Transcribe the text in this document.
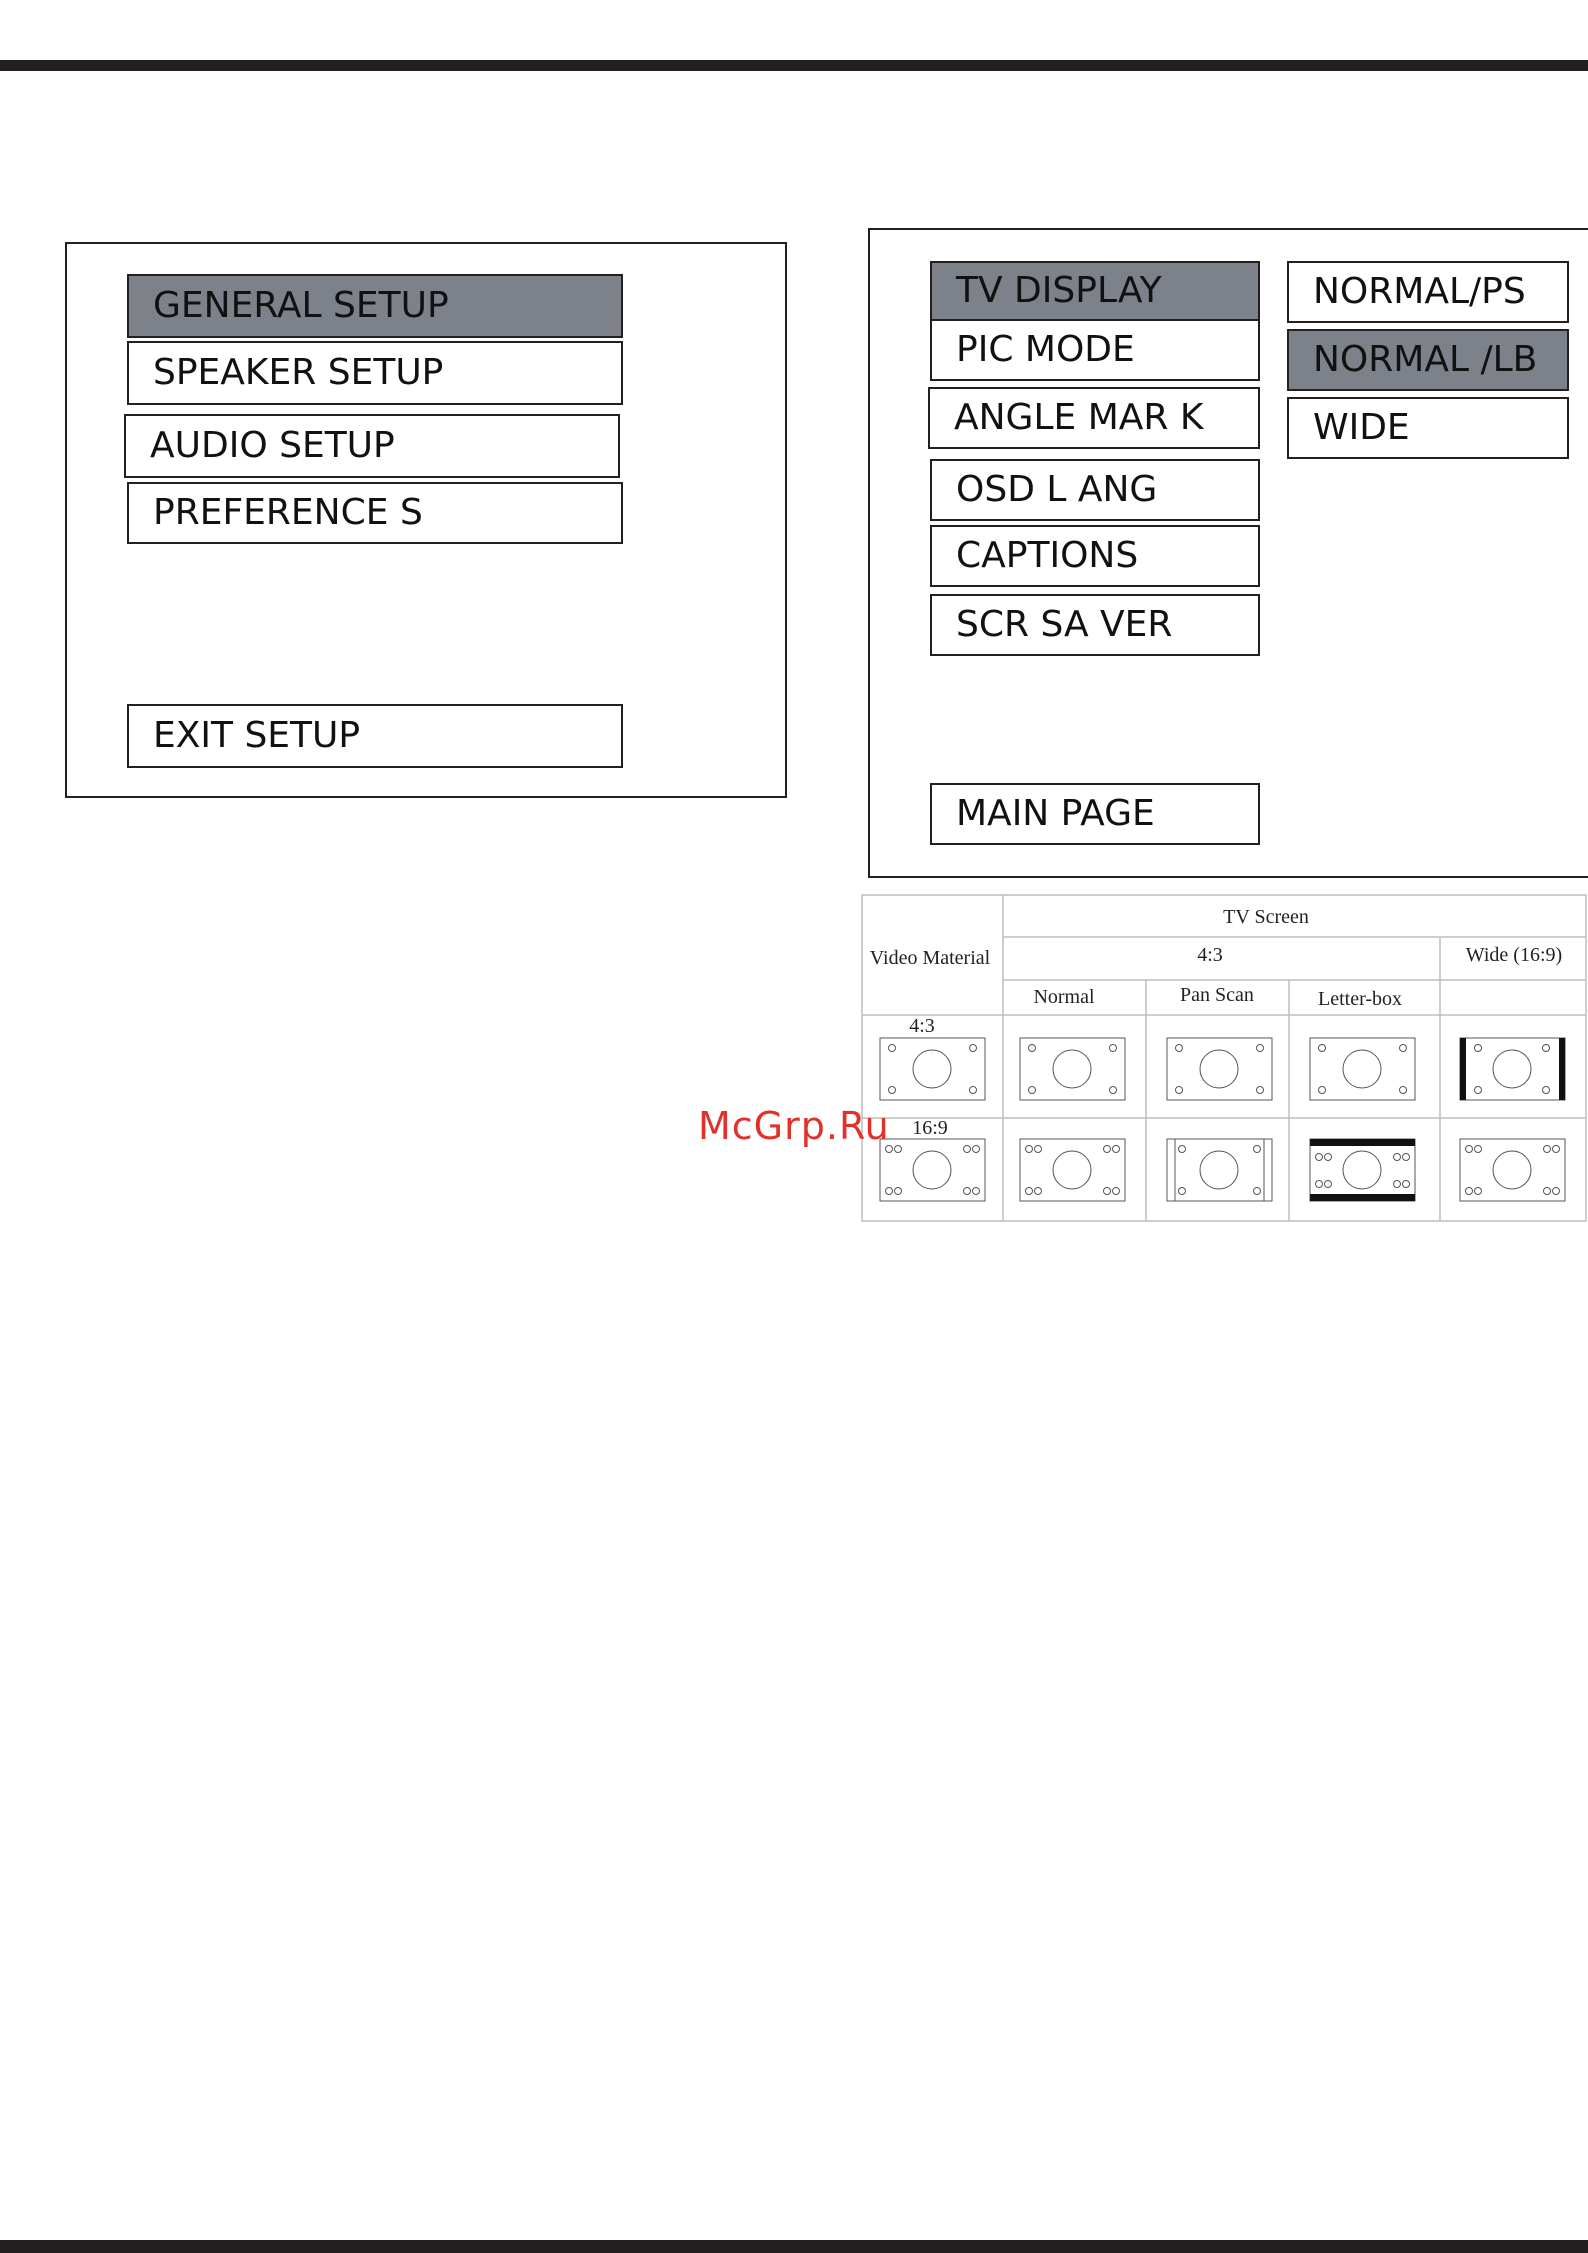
GENERAL SETUP
SPEAKER SETUP
AUDIO SETUP
PREFERENCE S
EXIT SETUP
TV DISPLAY
PIC MODE
ANGLE MAR K
OSD L ANG
CAPTIONS
SCR SA VER
MAIN PAGE
NORMAL/PS
NORMAL /LB
WIDE
Video Material
TV Screen
4:3	Wide (16:9)
Normal	Pan Scan	Letter-box
4:3
16:9
McGrp.Ru
